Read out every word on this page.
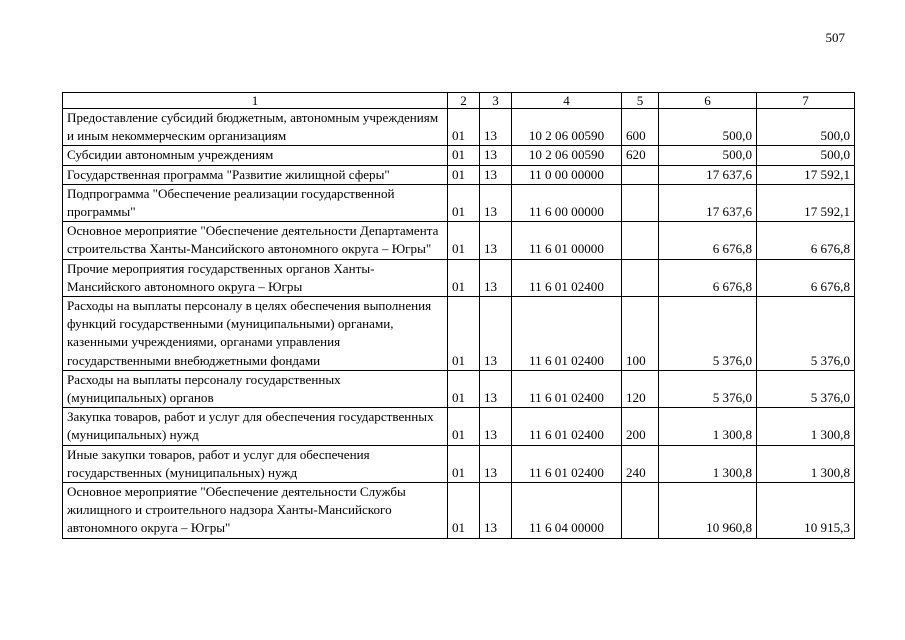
507
1	2	3	4	5	6	7
Предоставление субсидий бюджетным, автономным учреждениям и иным некоммерческим организациям	01	13	10 2 06 00590	600	500,0	500,0
Субсидии автономным учреждениям	01	13	10 2 06 00590	620	500,0	500,0
Государственная программа "Развитие жилищной сферы"	01	13	11 0 00 00000		17 637,6	17 592,1
Подпрограмма "Обеспечение реализации государственной программы"	01	13	11 6 00 00000		17 637,6	17 592,1
Основное мероприятие "Обеспечение деятельности Департамента строительства Ханты-Мансийского автономного округа – Югры"	01	13	11 6 01 00000		6 676,8	6 676,8
Прочие мероприятия государственных органов Ханты-Мансийского автономного округа – Югры	01	13	11 6 01 02400		6 676,8	6 676,8
Расходы на выплаты персоналу в целях обеспечения выполнения функций государственными (муниципальными) органами, казенными учреждениями, органами управления государственными внебюджетными фондами	01	13	11 6 01 02400	100	5 376,0	5 376,0
Расходы на выплаты персоналу государственных (муниципальных) органов	01	13	11 6 01 02400	120	5 376,0	5 376,0
Закупка товаров, работ и услуг для обеспечения государственных (муниципальных) нужд	01	13	11 6 01 02400	200	1 300,8	1 300,8
Иные закупки товаров, работ и услуг для обеспечения государственных (муниципальных) нужд	01	13	11 6 01 02400	240	1 300,8	1 300,8
Основное мероприятие "Обеспечение деятельности Службы жилищного и строительного надзора Ханты-Мансийского автономного округа – Югры"	01	13	11 6 04 00000		10 960,8	10 915,3
